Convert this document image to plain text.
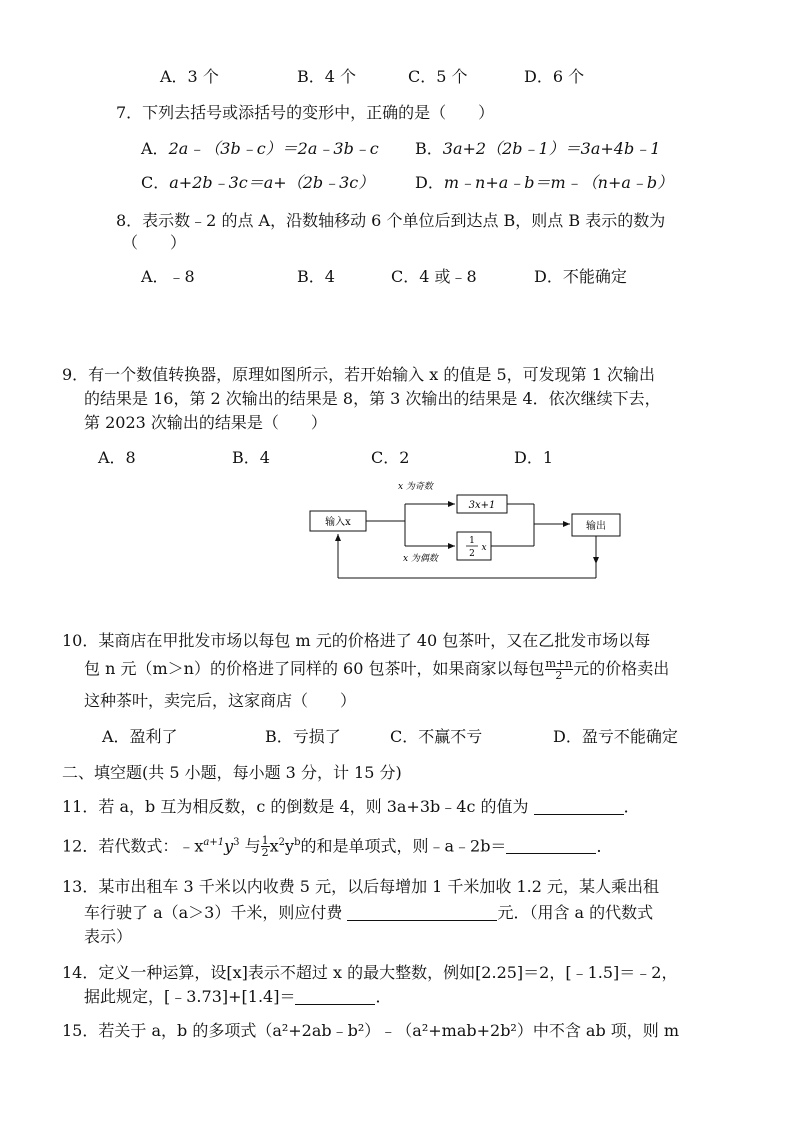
A．3 个	B．4 个	C．5 个	D．6 个
7．下列去括号或添括号的变形中，正确的是（　　）
A．2a﹣（3b﹣c）＝2a﹣3b﹣c B．3a+2（2b﹣1）＝3a+4b﹣1
C．a+2b﹣3c＝a+（2b﹣3c）	D．m﹣n+a﹣b＝m﹣（n+a﹣b）
8．表示数﹣2 的点 A，沿数轴移动 6 个单位后到达点 B，则点 B 表示的数为
（　　）
A．﹣8	B．4	C．4 或﹣8	D．不能确定
9．有一个数值转换器，原理如图所示，若开始输入 x 的值是 5，可发现第 1 次输出
的结果是 16，第 2 次输出的结果是 8，第 3 次输出的结果是 4．依次继续下去，
第 2023 次输出的结果是（　　）
A．8	B．4	C．2	D．1
输入x
x 为奇数
3x+1
x 为偶数
1
2
x
输出
10．某商店在甲批发市场以每包 m 元的价格进了 40 包茶叶，又在乙批发市场以每
包 n 元（m＞n）的价格进了同样的 60 包茶叶，如果商家以每包 $\frac{m+n}{2}$ 元的价格卖出
这种茶叶，卖完后，这家商店（　　）
A．盈利了	B．亏损了	C．不赢不亏	D．盈亏不能确定
二、填空题(共 5 小题，每小题 3 分，计 15 分)
11．若 a，b 互为相反数，c 的倒数是 4，则 3a+3b﹣4c 的值为	．
12．若代数式：$﹣x^{a+1}y^3$ 与 $\frac{1}{2} x^2y^b$的和是单项式，则﹣a﹣2b＝	．
13．某市出租车 3 千米以内收费 5 元，以后每增加 1 千米加收 1.2 元，某人乘出租
车行驶了 a（a＞3）千米，则应付费	元．（用含 a 的代数式
表示）
14．定义一种运算，设[x]表示不超过 x 的最大整数，例如[2.25]＝2，[﹣1.5]＝﹣2，
据此规定，[﹣3.73]+[1.4]＝	．
15．若关于 a，b 的多项式（a²+2ab﹣b²）﹣（a²+mab+2b²）中不含 ab 项，则 m
